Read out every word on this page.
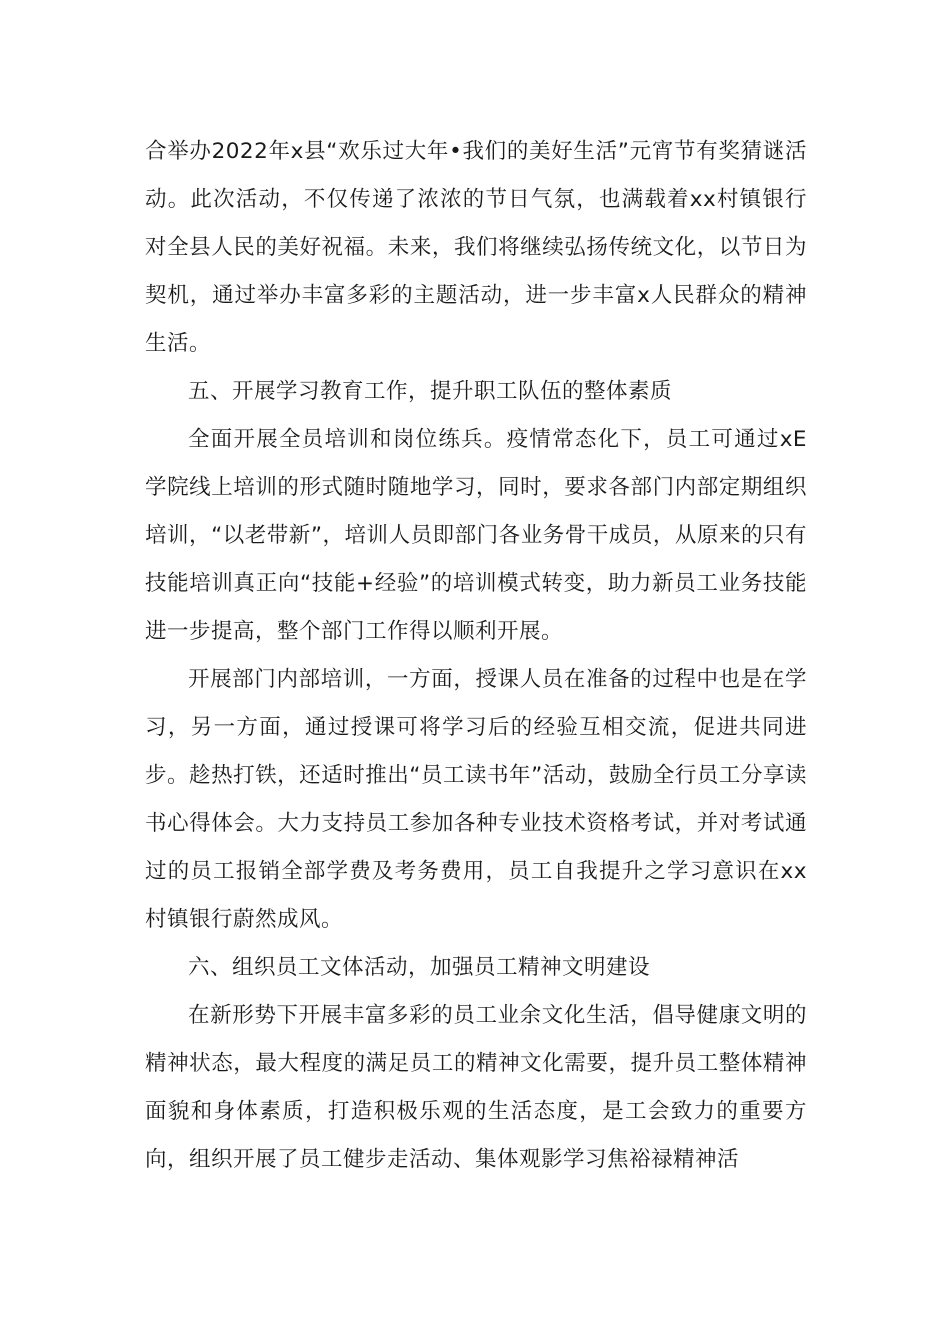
合举办2022年x县“欢乐过大年•我们的美好生活”元宵节有奖猜谜活动。此次活动，不仅传递了浓浓的节日气氛，也满载着xx村镇银行对全县人民的美好祝福。未来，我们将继续弘扬传统文化，以节日为契机，通过举办丰富多彩的主题活动，进一步丰富x人民群众的精神生活。

五、开展学习教育工作，提升职工队伍的整体素质

全面开展全员培训和岗位练兵。疫情常态化下，员工可通过xE学院线上培训的形式随时随地学习，同时，要求各部门内部定期组织培训，“以老带新”，培训人员即部门各业务骨干成员，从原来的只有技能培训真正向“技能+经验”的培训模式转变，助力新员工业务技能进一步提高，整个部门工作得以顺利开展。

开展部门内部培训，一方面，授课人员在准备的过程中也是在学习，另一方面，通过授课可将学习后的经验互相交流，促进共同进步。趁热打铁，还适时推出“员工读书年”活动，鼓励全行员工分享读书心得体会。大力支持员工参加各种专业技术资格考试，并对考试通过的员工报销全部学费及考务费用，员工自我提升之学习意识在xx村镇银行蔚然成风。

六、组织员工文体活动，加强员工精神文明建设

在新形势下开展丰富多彩的员工业余文化生活，倡导健康文明的精神状态，最大程度的满足员工的精神文化需要，提升员工整体精神面貌和身体素质，打造积极乐观的生活态度，是工会致力的重要方向，组织开展了员工健步走活动、集体观影学习焦裕禄精神活
